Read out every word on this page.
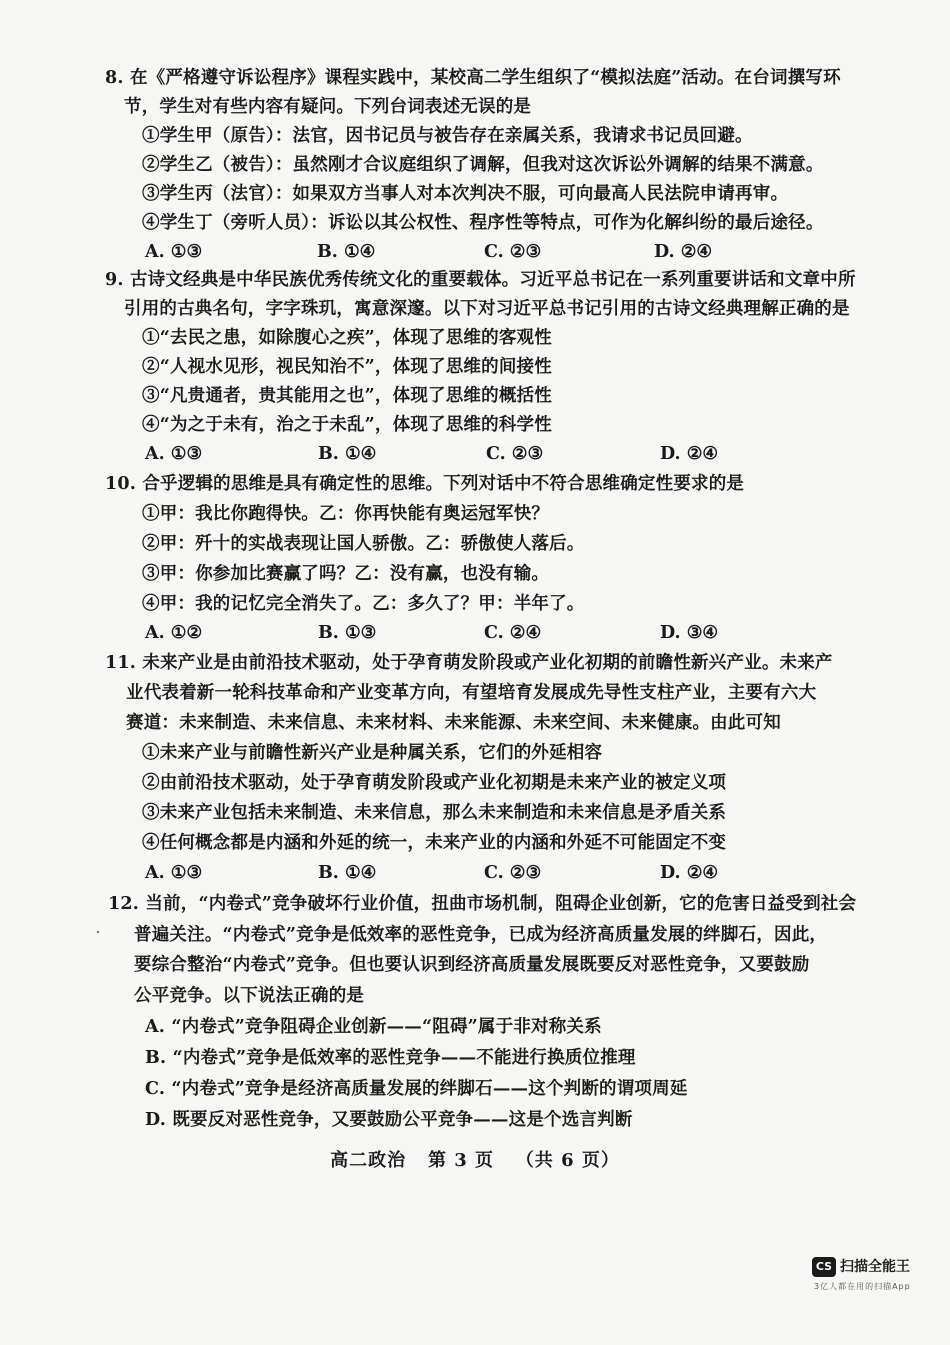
8. 在《严格遵守诉讼程序》课程实践中，某校高二学生组织了“模拟法庭”活动。在台词撰写环
节，学生对有些内容有疑问。下列台词表述无误的是
①学生甲（原告）：法官，因书记员与被告存在亲属关系，我请求书记员回避。
②学生乙（被告）：虽然刚才合议庭组织了调解，但我对这次诉讼外调解的结果不满意。
③学生丙（法官）：如果双方当事人对本次判决不服，可向最高人民法院申请再审。
④学生丁（旁听人员）：诉讼以其公权性、程序性等特点，可作为化解纠纷的最后途径。
A. ①③	B. ①④	C. ②③	D. ②④
9. 古诗文经典是中华民族优秀传统文化的重要载体。习近平总书记在一系列重要讲话和文章中所
引用的古典名句，字字珠玑，寓意深邃。以下对习近平总书记引用的古诗文经典理解正确的是
①“去民之患，如除腹心之疾”，体现了思维的客观性
②“人视水见形，视民知治不”，体现了思维的间接性
③“凡贵通者，贵其能用之也”，体现了思维的概括性
④“为之于未有，治之于未乱”，体现了思维的科学性
A. ①③	B. ①④	C. ②③	D. ②④
10. 合乎逻辑的思维是具有确定性的思维。下列对话中不符合思维确定性要求的是
①甲：我比你跑得快。乙：你再快能有奥运冠军快？
②甲：歼十的实战表现让国人骄傲。乙：骄傲使人落后。
③甲：你参加比赛赢了吗？乙：没有赢，也没有输。
④甲：我的记忆完全消失了。乙：多久了？甲：半年了。
A. ①②	B. ①③	C. ②④	D. ③④
11. 未来产业是由前沿技术驱动，处于孕育萌发阶段或产业化初期的前瞻性新兴产业。未来产
业代表着新一轮科技革命和产业变革方向，有望培育发展成先导性支柱产业，主要有六大
赛道：未来制造、未来信息、未来材料、未来能源、未来空间、未来健康。由此可知
①未来产业与前瞻性新兴产业是种属关系，它们的外延相容
②由前沿技术驱动，处于孕育萌发阶段或产业化初期是未来产业的被定义项
③未来产业包括未来制造、未来信息，那么未来制造和未来信息是矛盾关系
④任何概念都是内涵和外延的统一，未来产业的内涵和外延不可能固定不变
A. ①③	B. ①④	C. ②③	D. ②④
12. 当前，“内卷式”竞争破坏行业价值，扭曲市场机制，阻碍企业创新，它的危害日益受到社会
普遍关注。“内卷式”竞争是低效率的恶性竞争，已成为经济高质量发展的绊脚石，因此，
要综合整治“内卷式”竞争。但也要认识到经济高质量发展既要反对恶性竞争，又要鼓励
公平竞争。以下说法正确的是
A. “内卷式”竞争阻碍企业创新——“阻碍”属于非对称关系
B. “内卷式”竞争是低效率的恶性竞争——不能进行换质位推理
C. “内卷式”竞争是经济高质量发展的绊脚石——这个判断的谓项周延
D. 既要反对恶性竞争，又要鼓励公平竞争——这是个选言判断
高二政治   第 3 页   （共 6 页）
CS 扫描全能王
3亿人都在用的扫描App
